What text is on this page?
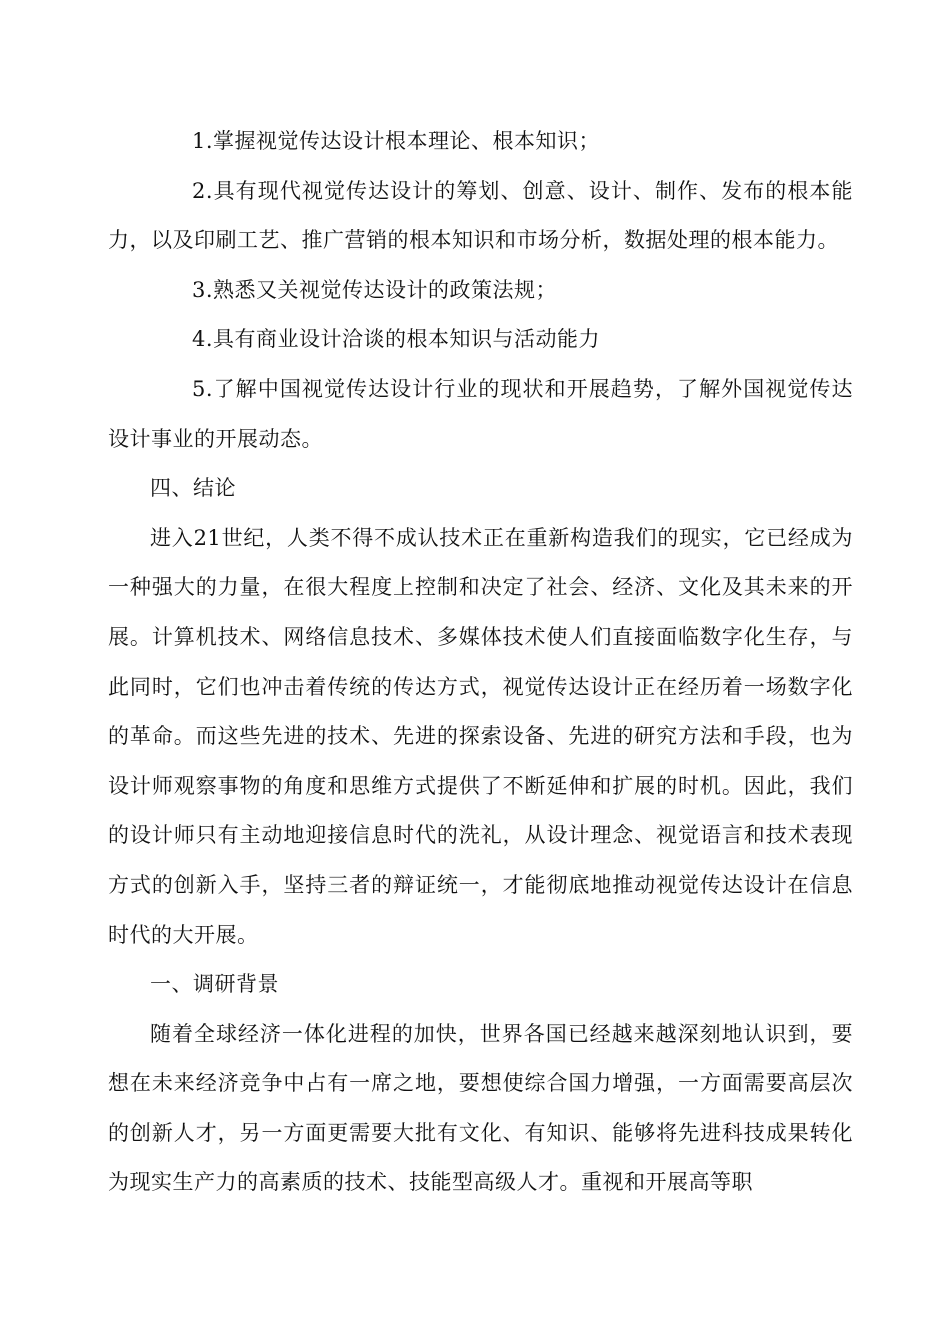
1.掌握视觉传达设计根本理论、根本知识；

2.具有现代视觉传达设计的筹划、创意、设计、制作、发布的根本能力，以及印刷工艺、推广营销的根本知识和市场分析，数据处理的根本能力。

3.熟悉又关视觉传达设计的政策法规；

4.具有商业设计洽谈的根本知识与活动能力

5.了解中国视觉传达设计行业的现状和开展趋势，了解外国视觉传达设计事业的开展动态。

四、结论

进入21世纪，人类不得不成认技术正在重新构造我们的现实，它已经成为一种强大的力量，在很大程度上控制和决定了社会、经济、文化及其未来的开展。计算机技术、网络信息技术、多媒体技术使人们直接面临数字化生存，与此同时，它们也冲击着传统的传达方式，视觉传达设计正在经历着一场数字化的革命。而这些先进的技术、先进的探索设备、先进的研究方法和手段，也为设计师观察事物的角度和思维方式提供了不断延伸和扩展的时机。因此，我们的设计师只有主动地迎接信息时代的洗礼，从设计理念、视觉语言和技术表现方式的创新入手，坚持三者的辩证统一，才能彻底地推动视觉传达设计在信息时代的大开展。

一、调研背景

随着全球经济一体化进程的加快，世界各国已经越来越深刻地认识到，要想在未来经济竞争中占有一席之地，要想使综合国力增强，一方面需要高层次的创新人才，另一方面更需要大批有文化、有知识、能够将先进科技成果转化为现实生产力的高素质的技术、技能型高级人才。重视和开展高等职
